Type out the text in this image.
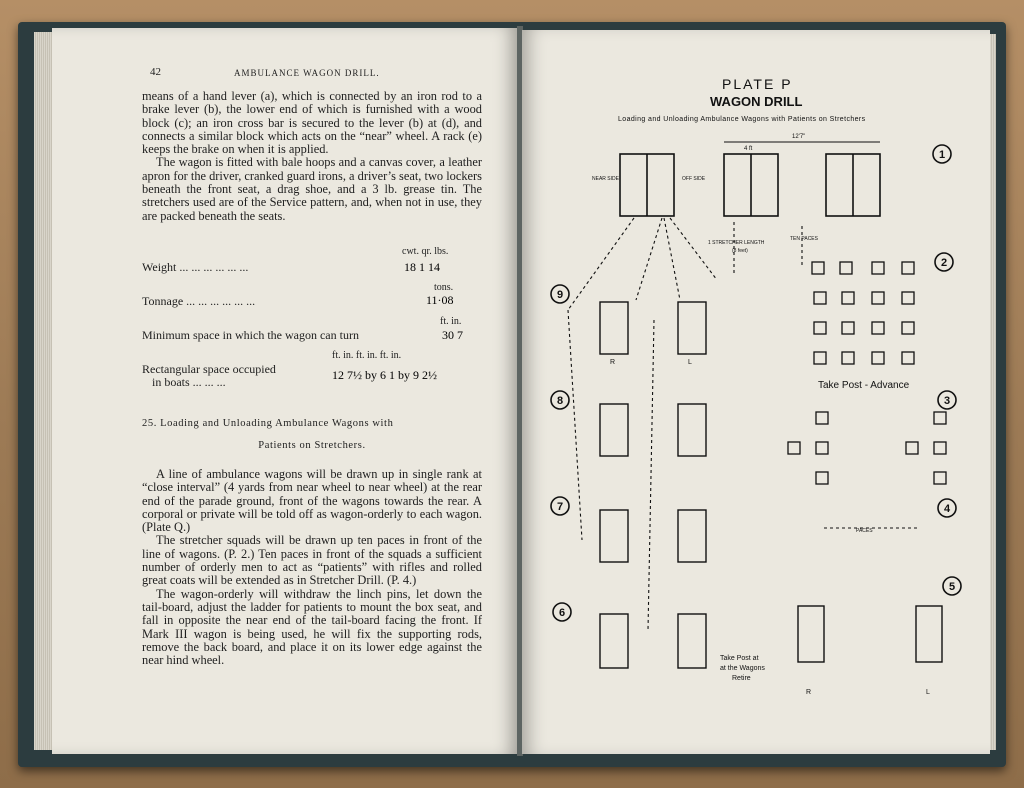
42	AMBULANCE WAGON DRILL.

means of a hand lever (a), which is connected by an iron rod to a brake lever (b), the lower end of which is furnished with a wood block (c); an iron cross bar is secured to the lever (b) at (d), and connects a similar block which acts on the “near” wheel. A rack (e) keeps the brake on when it is applied.

The wagon is fitted with bale hoops and a canvas cover, a leather apron for the driver, cranked guard irons, a driver’s seat, two lockers beneath the front seat, a drag shoe, and a 3 lb. grease tin. The stretchers used are of the Service pattern, and, when not in use, they are packed beneath the seats.

cwt. qr. lbs.
Weight ... ... ... ... ... ...	18 1 14
tons.
Tonnage ... ... ... ... ... ...	11·08
ft. in.
Minimum space in which the wagon can turn	30 7
ft. in. ft. in. ft. in.
Rectangular space occupied
in boats ... ... ...	12 7½ by 6 1 by 9 2½
25. Loading and Unloading Ambulance Wagons with
Patients on Stretchers.

A line of ambulance wagons will be drawn up in single rank at “close interval” (4 yards from near wheel to near wheel) at the rear end of the parade ground, front of the wagons towards the rear. A corporal or private will be told off as wagon-orderly to each wagon. (Plate Q.)

The stretcher squads will be drawn up ten paces in front of the line of wagons. (P. 2.) Ten paces in front of the squads a sufficient number of orderly men to act as “patients” with rifles and rolled great coats will be extended as in Stretcher Drill. (P. 4.)

The wagon-orderly will withdraw the linch pins, let down the tail-board, adjust the ladder for patients to mount the box seat, and fall in opposite the near end of the tail-board facing the front. If Mark III wagon is being used, he will fix the supporting rods, remove the back board, and place it on its lower edge against the near hind wheel.

PLATE P
WAGON DRILL
Loading and Unloading Ambulance Wagons with Patients on Stretchers
1
2
3
4
5
6
7
8
9
NEAR SIDE	OFF SIDE
12'7"
4 ft
1 STRETCHER LENGTH
(8 feet)
TEN PACES
PACES
Take Post - Advance
Take Post at
at the Wagons
Retire
R	L
R	L
